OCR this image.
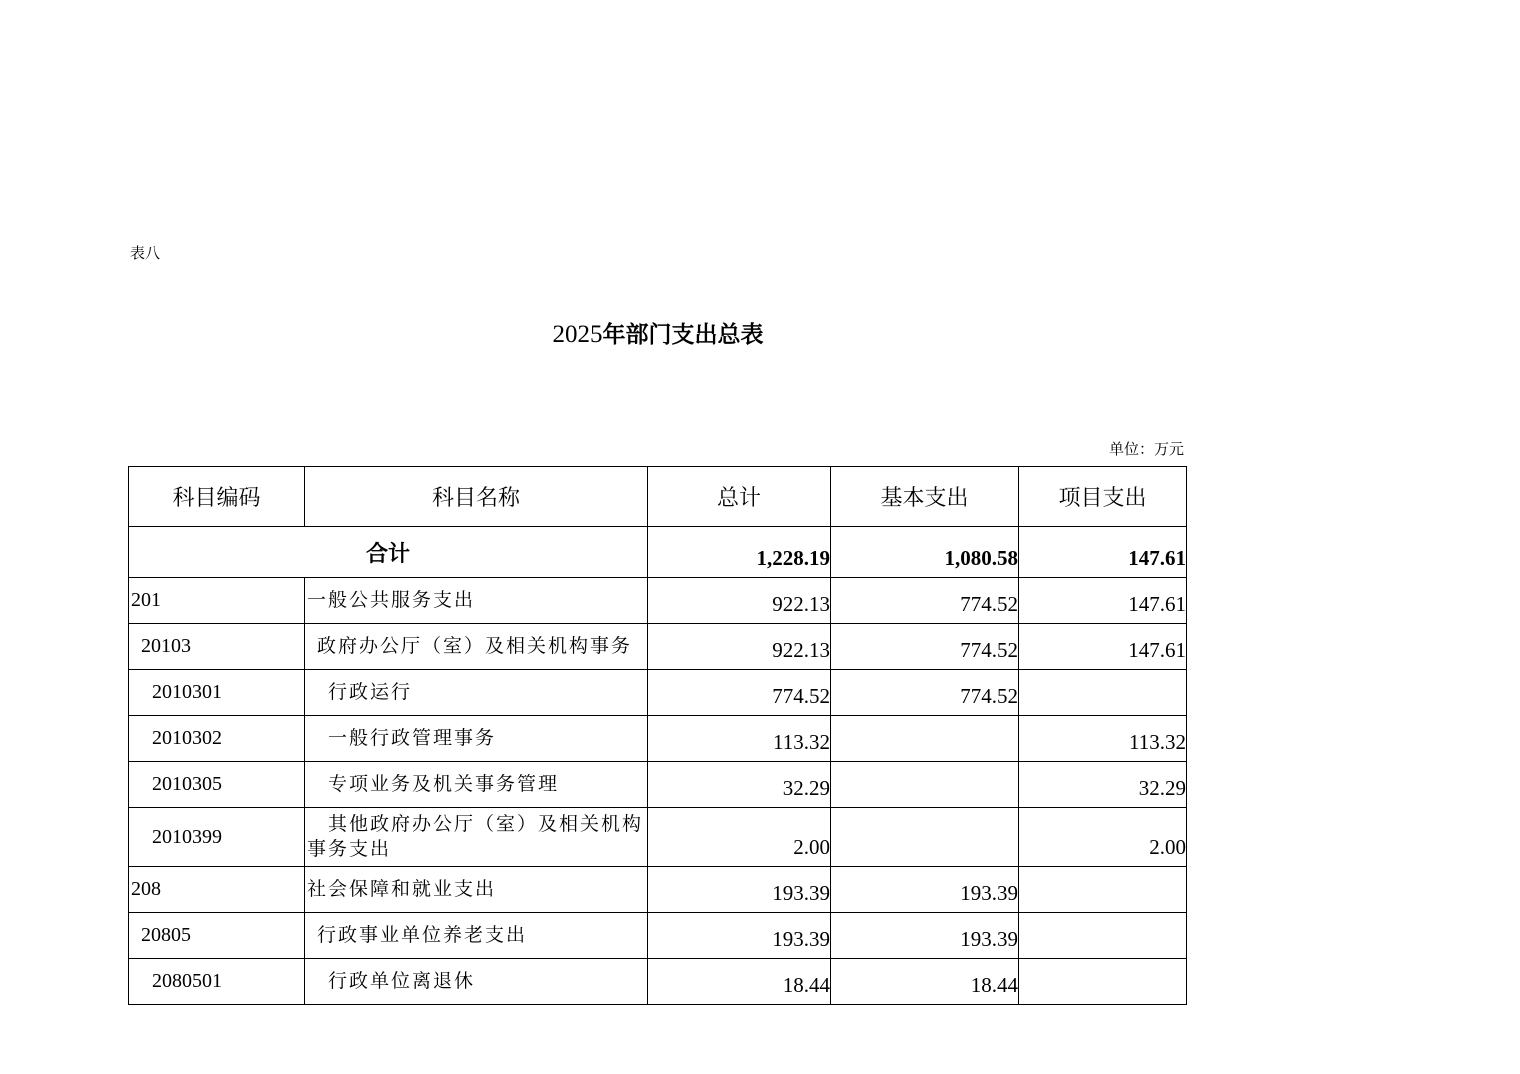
表八
2025年部门支出总表
单位：万元
科目编码	科目名称	总计	基本支出	项目支出
合计		1,228.19	1,080.58	147.61
201	一般公共服务支出	922.13	774.52	147.61
20103	政府办公厅（室）及相关机构事务	922.13	774.52	147.61
2010301	行政运行	774.52	774.52	
2010302	一般行政管理事务	113.32		113.32
2010305	专项业务及机关事务管理	32.29		32.29
2010399	其他政府办公厅（室）及相关机构
事务支出	2.00		2.00
208	社会保障和就业支出	193.39	193.39	
20805	行政事业单位养老支出	193.39	193.39	
2080501	行政单位离退休	18.44	18.44	
